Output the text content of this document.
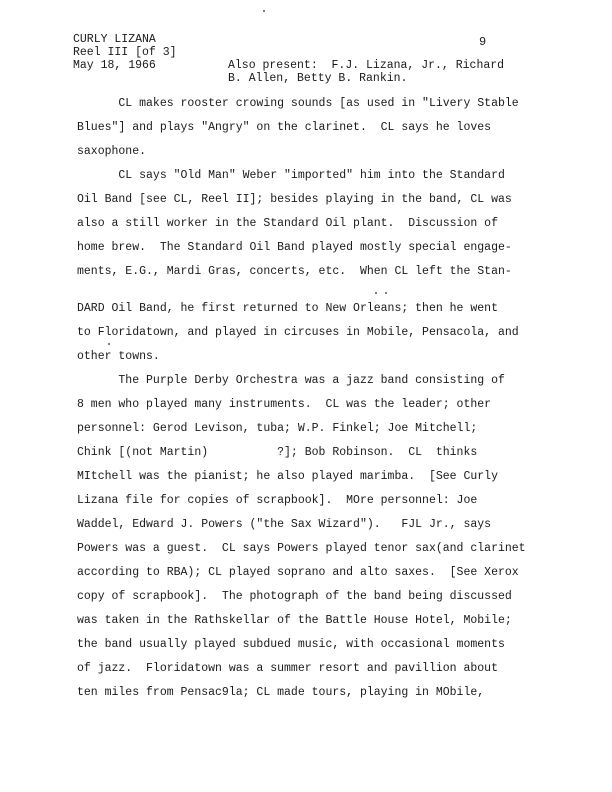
CURLY LIZANA
Reel III [of 3]
May 18, 1966
9
Also present:  F.J. Lizana, Jr., Richard
B. Allen, Betty B. Rankin.
CL makes rooster crowing sounds [as used in "Livery Stable
Blues"] and plays "Angry" on the clarinet.  CL says he loves
saxophone.
CL says "Old Man" Weber "imported" him into the Standard
Oil Band [see CL, Reel II]; besides playing in the band, CL was
also a still worker in the Standard Oil plant.  Discussion of
home brew.  The Standard Oil Band played mostly special engage-
ments, E.G., Mardi Gras, concerts, etc.  When CL left the Stan-
DARD Oil Band, he first returned to New Orleans; then he went
to Floridatown, and played in circuses in Mobile, Pensacola, and
other towns.
The Purple Derby Orchestra was a jazz band consisting of
8 men who played many instruments.  CL was the leader; other
personnel: Gerod Levison, tuba; W.P. Finkel; Joe Mitchell;
Chink [(not Martin)          ?]; Bob Robinson.  CL  thinks
MItchell was the pianist; he also played marimba.  [See Curly
Lizana file for copies of scrapbook].  MOre personnel: Joe
Waddel, Edward J. Powers ("the Sax Wizard").   FJL Jr., says
Powers was a guest.  CL says Powers played tenor sax(and clarinet
according to RBA); CL played soprano and alto saxes.  [See Xerox
copy of scrapbook].  The photograph of the band being discussed
was taken in the Rathskellar of the Battle House Hotel, Mobile;
the band usually played subdued music, with occasional moments
of jazz.  Floridatown was a summer resort and pavillion about
ten miles from Pensac9la; CL made tours, playing in MObile,
